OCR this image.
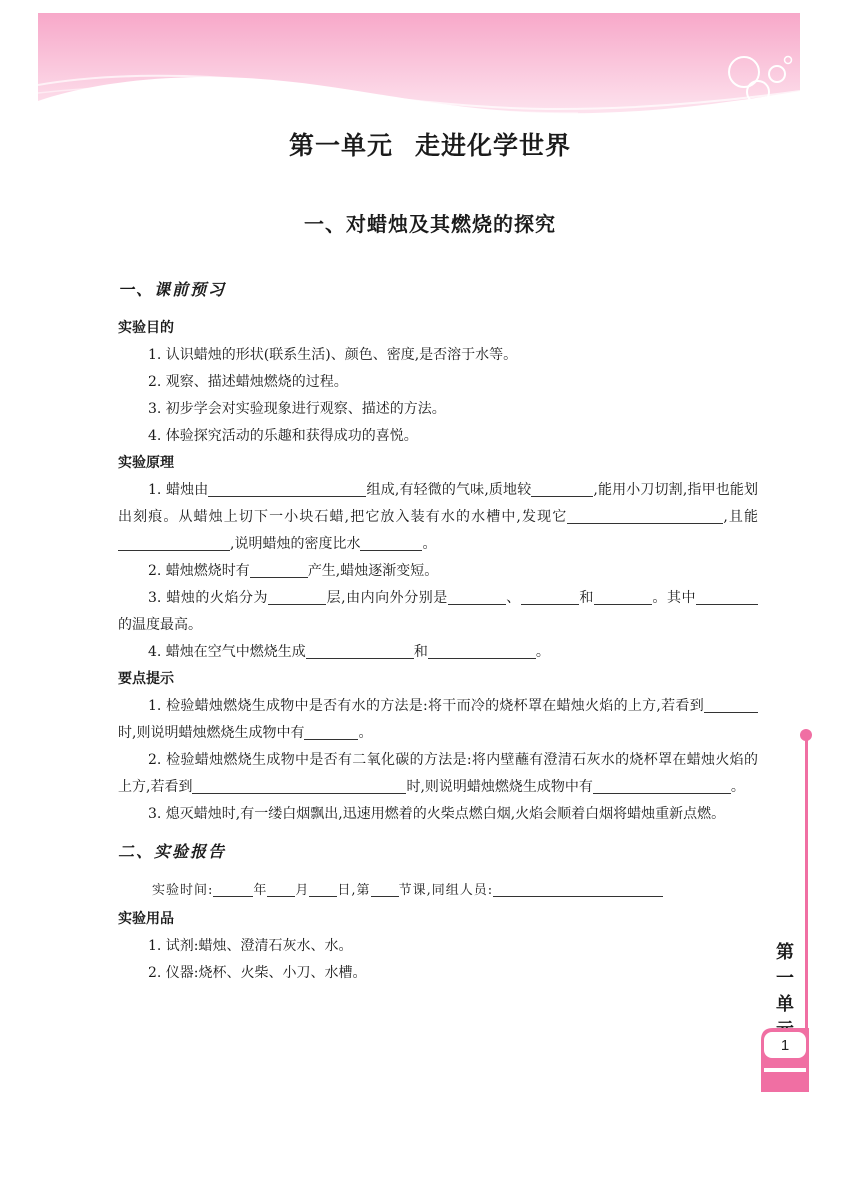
第一单元 走进化学世界
一、对蜡烛及其燃烧的探究
一、课前预习
实验目的
1. 认识蜡烛的形状(联系生活)、颜色、密度,是否溶于水等。
2. 观察、描述蜡烛燃烧的过程。
3. 初步学会对实验现象进行观察、描述的方法。
4. 体验探究活动的乐趣和获得成功的喜悦。
实验原理
1. 蜡烛由	组成,有轻微的气味,质地较	,能用小刀切割,指甲也能划出刻痕。从蜡烛上切下一小块石蜡,把它放入装有水的水槽中,发现它	,且能,说明蜡烛的密度比水	。
2. 蜡烛燃烧时有	产生,蜡烛逐渐变短。
3. 蜡烛的火焰分为	层,由内向外分别是	、	和	。其中的温度最高。
4. 蜡烛在空气中燃烧生成	和	。
要点提示
1. 检验蜡烛燃烧生成物中是否有水的方法是:将干而冷的烧杯罩在蜡烛火焰的上方,若看到时,则说明蜡烛燃烧生成物中有	。
2. 检验蜡烛燃烧生成物中是否有二氧化碳的方法是:将内壁蘸有澄清石灰水的烧杯罩在蜡烛火焰的上方,若看到	时,则说明蜡烛燃烧生成物中有	。
3. 熄灭蜡烛时,有一缕白烟飘出,迅速用燃着的火柴点燃白烟,火焰会顺着白烟将蜡烛重新点燃。
二、实验报告
实验时间:	年 月 日,第 节课,同组人员:
实验用品
1. 试剂:蜡烛、澄清石灰水、水。
2. 仪器:烧杯、火柴、小刀、水槽。
第
一
单
1
